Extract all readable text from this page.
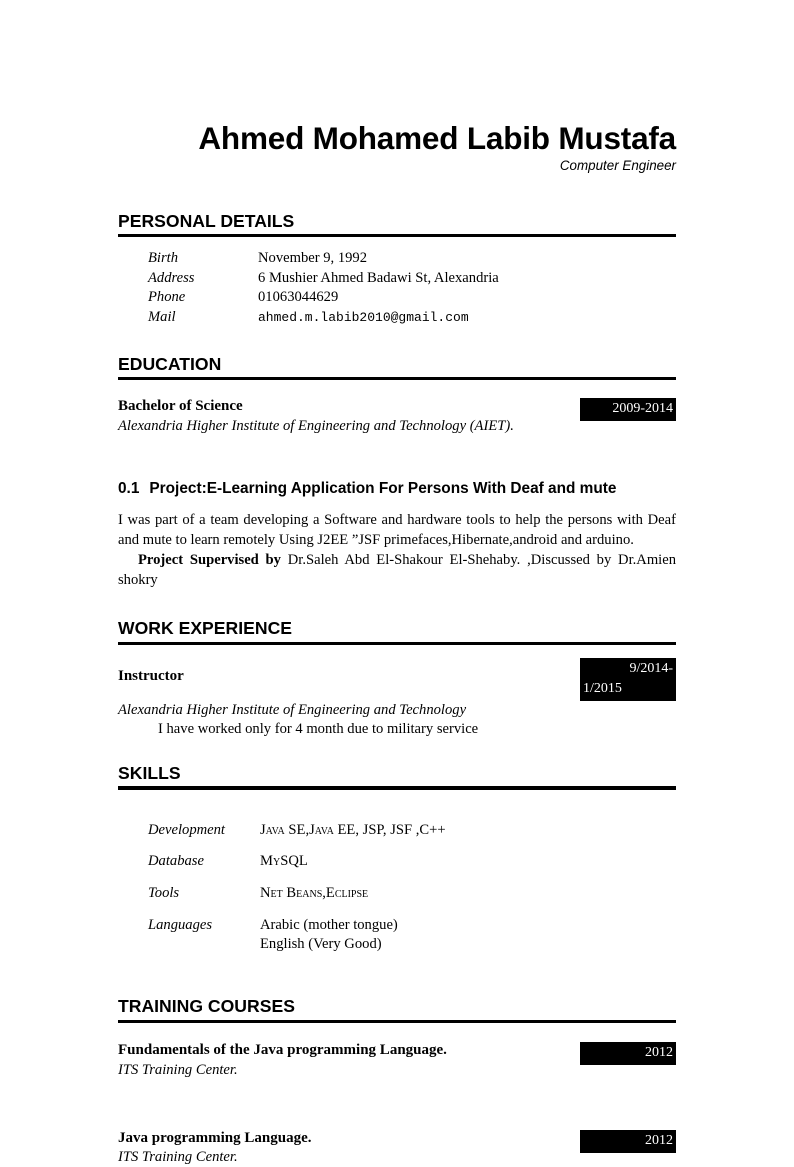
Ahmed Mohamed Labib Mustafa
Computer Engineer
PERSONAL DETAILS
Birth	November 9, 1992
Address	6 Mushier Ahmed Badawi St, Alexandria
Phone	01063044629
Mail	ahmed.m.labib2010@gmail.com
EDUCATION
2009-2014
Bachelor of Science
Alexandria Higher Institute of Engineering and Technology (AIET).
0.1 Project:E-Learning Application For Persons With Deaf and mute

I was part of a team developing a Software and hardware tools to help the persons with Deaf and mute to learn remotely Using J2EE ”JSF primefaces,Hibernate,android and arduino.

Project Supervised by Dr.Saleh Abd El-Shakour El-Shehaby. ,Discussed by Dr.Amien shokry

WORK EXPERIENCE
9/2014-
1/2015
Instructor
Alexandria Higher Institute of Engineering and Technology
I have worked only for 4 month due to military service
SKILLS
Development	Java SE,Java EE, JSP, JSF ,C++
Database	MySQL
Tools	Net Beans,Eclipse
Languages	Arabic (mother tongue)
English (Very Good)
TRAINING COURSES
2012
Fundamentals of the Java programming Language.
ITS Training Center.
2012
Java programming Language.
ITS Training Center.
